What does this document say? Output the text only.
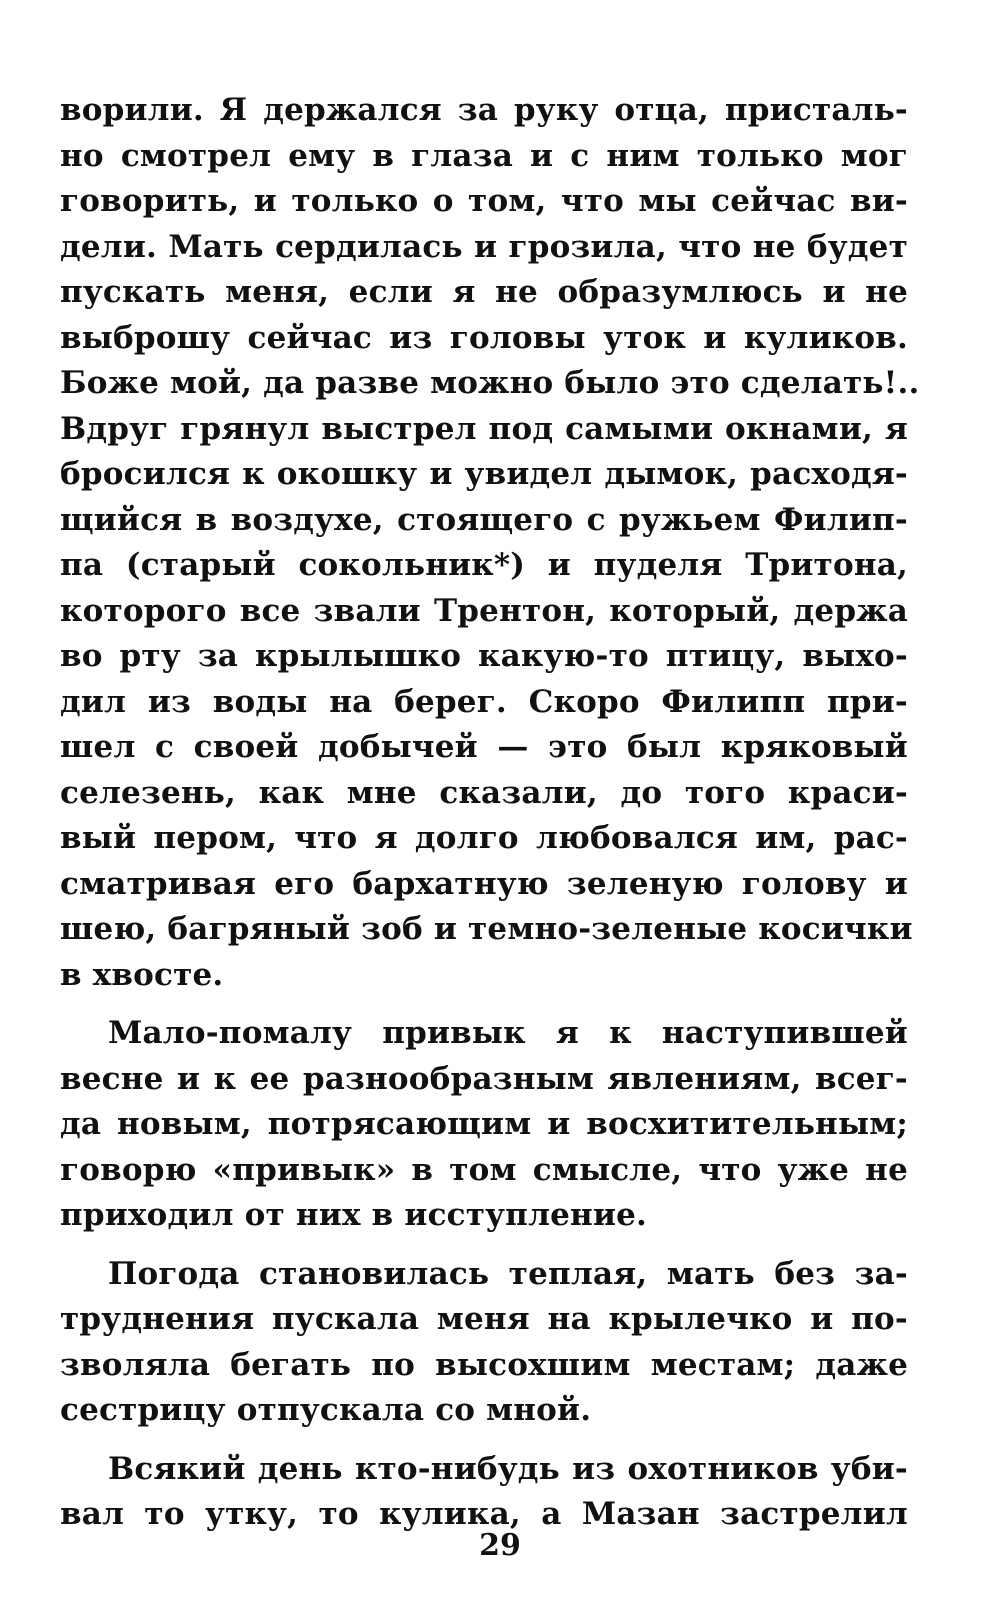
ворили. Я держался за руку отца, присталь-
но смотрел ему в глаза и с ним только мог
говорить, и только о том, что мы сейчас ви-
дели. Мать сердилась и грозила, что не будет
пускать меня, если я не образумлюсь и не
выброшу сейчас из головы уток и куликов.
Боже мой, да разве можно было это сделать!..
Вдруг грянул выстрел под самыми окнами, я
бросился к окошку и увидел дымок, расходя-
щийся в воздухе, стоящего с ружьем Филип-
па (старый сокольник*) и пуделя Тритона,
которого все звали Трентон, который, держа
во рту за крылышко какую-то птицу, выхо-
дил из воды на берег. Скоро Филипп при-
шел с своей добычей — это был кряковый
селезень, как мне сказали, до того краси-
вый пером, что я долго любовался им, рас-
сматривая его бархатную зеленую голову и
шею, багряный зоб и темно-зеленые косички
в хвосте.
Мало-помалу привык я к наступившей
весне и к ее разнообразным явлениям, всег-
да новым, потрясающим и восхитительным;
говорю «привык» в том смысле, что уже не
приходил от них в исступление.
Погода становилась теплая, мать без за-
труднения пускала меня на крылечко и по-
зволяла бегать по высохшим местам; даже
сестрицу отпускала со мной.
Всякий день кто-нибудь из охотников уби-
вал то утку, то кулика, а Мазан застрелил
29
